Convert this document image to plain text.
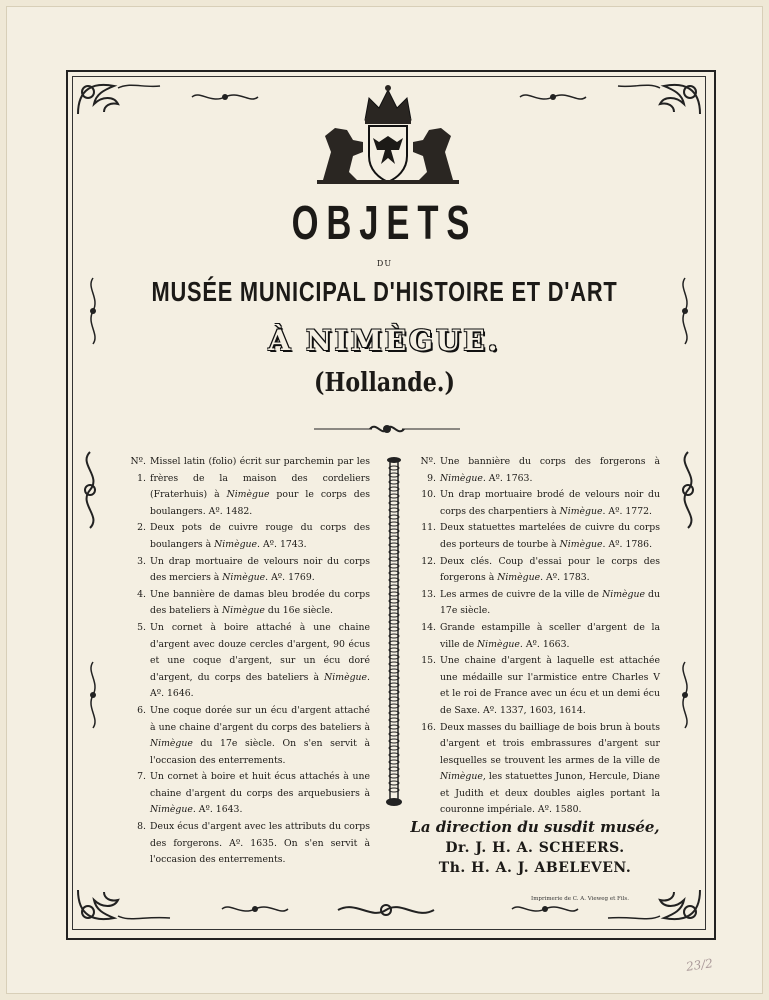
OBJETS
DU
MUSÉE MUNICIPAL D'HISTOIRE ET D'ART
À NIMÈGUE.
(Hollande.)
Nº. 1.
Missel latin (folio) écrit sur parchemin par les frères de la maison des cordeliers (Fraterhuis) à Nimègue pour le corps des boulangers. Aº. 1482.
2. Deux pots de cuivre rouge du corps des boulangers à Nimègue. Aº. 1743.
3. Un drap mortuaire de velours noir du corps des merciers à Nimègue. Aº. 1769.
4. Une bannière de damas bleu brodée du corps des bateliers à Nimègue du 16e siècle.
5. Un cornet à boire attaché à une chaine d'argent avec douze cercles d'argent, 90 écus et une coque d'argent, sur un écu doré d'argent, du corps des bateliers à Nimègue. Aº. 1646.
6. Une coque dorée sur un écu d'argent attaché à une chaine d'argent du corps des bateliers à Nimègue du 17e siècle. On s'en servit à l'occasion des enterrements.
7. Un cornet à boire et huit écus attachés à une chaine d'argent du corps des arquebusiers à Nimègue. Aº. 1643.
8. Deux écus d'argent avec les attributs du corps des forgerons. Aº. 1635. On s'en servit à l'occasion des enterrements.
Nº. 9.
Une bannière du corps des forgerons à Nimègue. Aº. 1763.
10. Un drap mortuaire brodé de velours noir du corps des charpentiers à Nimègue. Aº. 1772.
11. Deux statuettes martelées de cuivre du corps des porteurs de tourbe à Nimègue. Aº. 1786.
12. Deux clés. Coup d'essai pour le corps des forgerons à Nimègue. Aº. 1783.
13. Les armes de cuivre de la ville de Nimègue du 17e siècle.
14. Grande estampille à sceller d'argent de la ville de Nimègue. Aº. 1663.
15. Une chaine d'argent à laquelle est attachée une médaille sur l'armistice entre Charles V et le roi de France avec un écu et un demi écu de Saxe. Aº. 1337, 1603, 1614.
16. Deux masses du bailliage de bois brun à bouts d'argent et trois embrassures d'argent sur lesquelles se trouvent les armes de la ville de Nimègue, les statuettes Junon, Hercule, Diane et Judith et deux doubles aigles portant la couronne impériale. Aº. 1580.
La direction du susdit musée,
Dr. J. H. A. SCHEERS.
Th. H. A. J. ABELEVEN.
Imprimerie de C. A. Vieweg et Fils.
23/2
